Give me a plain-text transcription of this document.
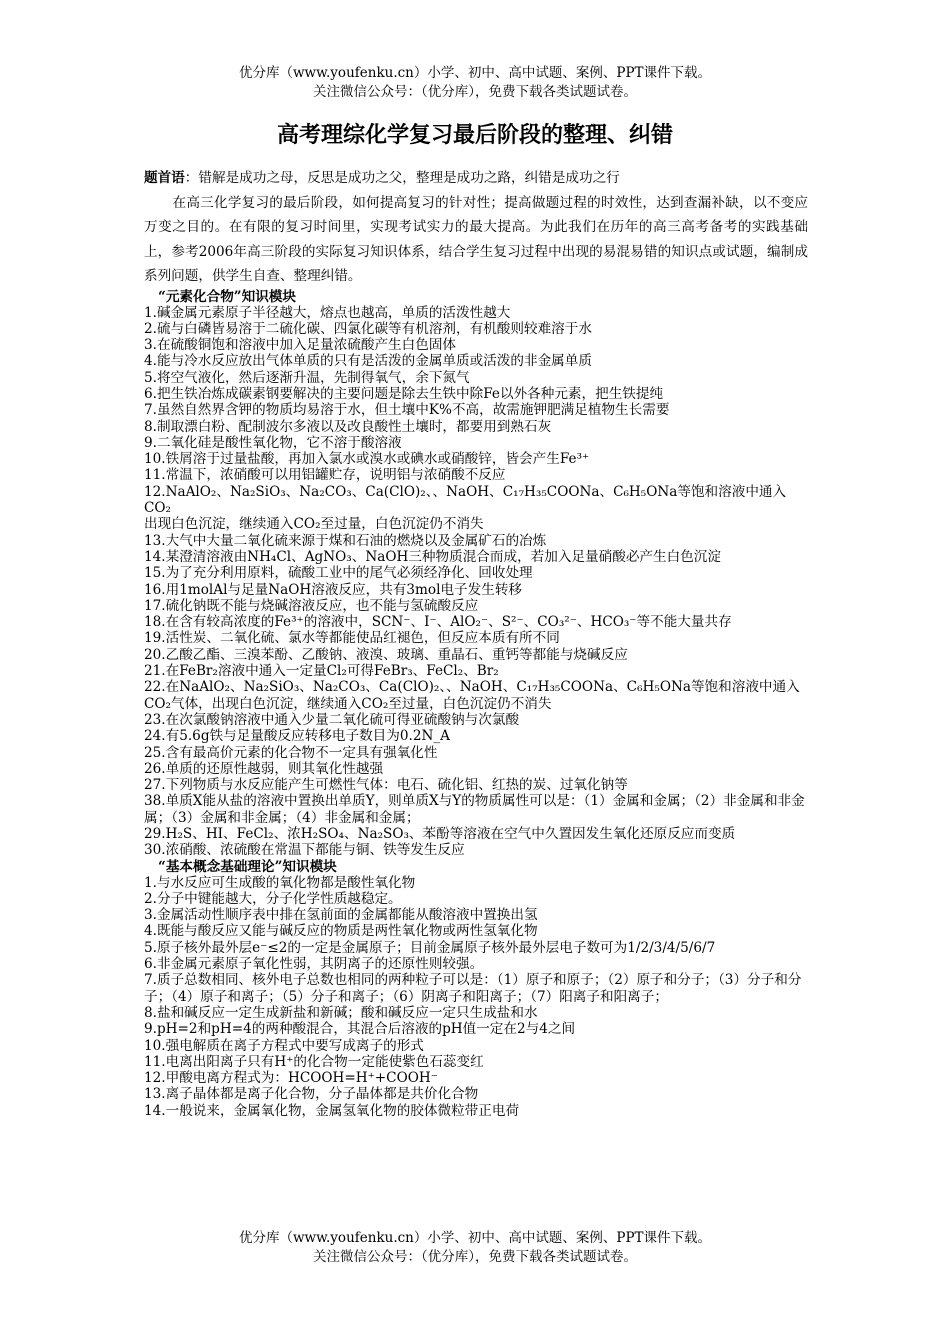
优分库（www.youfenku.cn）小学、初中、高中试题、案例、PPT课件下载。
关注微信公众号：（优分库），免费下载各类试题试卷。
高考理综化学复习最后阶段的整理、纠错

题首语：错解是成功之母，反思是成功之父，整理是成功之路，纠错是成功之行

在高三化学复习的最后阶段，如何提高复习的针对性；提高做题过程的时效性，达到查漏补缺，以不变应万变之目的。在有限的复习时间里，实现考试实力的最大提高。为此我们在历年的高三高考备考的实践基础上，参考2006年高三阶段的实际复习知识体系，结合学生复习过程中出现的易混易错的知识点或试题，编制成系列问题，供学生自查、整理纠错。

“元素化合物”知识模块
1.碱金属元素原子半径越大，熔点也越高，单质的活泼性越大
2.硫与白磷皆易溶于二硫化碳、四氯化碳等有机溶剂，有机酸则较难溶于水
3.在硫酸铜饱和溶液中加入足量浓硫酸产生白色固体
4.能与冷水反应放出气体单质的只有是活泼的金属单质或活泼的非金属单质
5.将空气液化，然后逐渐升温，先制得氧气，余下氮气
6.把生铁冶炼成碳素钢要解决的主要问题是除去生铁中除Fe以外各种元素，把生铁提纯
7.虽然自然界含钾的物质均易溶于水，但土壤中K%不高，故需施钾肥满足植物生长需要
8.制取漂白粉、配制波尔多液以及改良酸性土壤时，都要用到熟石灰
9.二氧化硅是酸性氧化物，它不溶于酸溶液
10.铁屑溶于过量盐酸，再加入氯水或溴水或碘水或硝酸锌，皆会产生Fe³⁺
11.常温下，浓硝酸可以用铝罐贮存，说明铝与浓硝酸不反应
12.NaAlO₂、Na₂SiO₃、Na₂CO₃、Ca(ClO)₂、、NaOH、C₁₇H₃₅COONa、C₆H₅ONa等饱和溶液中通入CO₂
出现白色沉淀，继续通入CO₂至过量，白色沉淀仍不消失
13.大气中大量二氧化硫来源于煤和石油的燃烧以及金属矿石的冶炼
14.某澄清溶液由NH₄Cl、AgNO₃、NaOH三种物质混合而成，若加入足量硝酸必产生白色沉淀
15.为了充分利用原料，硫酸工业中的尾气必须经净化、回收处理
16.用1molAl与足量NaOH溶液反应，共有3mol电子发生转移
17.硫化钠既不能与烧碱溶液反应，也不能与氢硫酸反应
18.在含有较高浓度的Fe³⁺的溶液中，SCN⁻、I⁻、AlO₂⁻、S²⁻、CO₃²⁻、HCO₃⁻等不能大量共存
19.活性炭、二氧化硫、氯水等都能使品红褪色，但反应本质有所不同
20.乙酸乙酯、三溴苯酚、乙酸钠、液溴、玻璃、重晶石、重钙等都能与烧碱反应
21.在FeBr₂溶液中通入一定量Cl₂可得FeBr₃、FeCl₂、Br₂
22.在NaAlO₂、Na₂SiO₃、Na₂CO₃、Ca(ClO)₂、、NaOH、C₁₇H₃₅COONa、C₆H₅ONa等饱和溶液中通入CO₂气体，出现白色沉淀，继续通入CO₂至过量，白色沉淀仍不消失
23.在次氯酸钠溶液中通入少量二氧化硫可得亚硫酸钠与次氯酸
24.有5.6g铁与足量酸反应转移电子数目为0.2N_A
25.含有最高价元素的化合物不一定具有强氧化性
26.单质的还原性越弱，则其氧化性越强
27.下列物质与水反应能产生可燃性气体：电石、硫化铝、红热的炭、过氧化钠等
38.单质X能从盐的溶液中置换出单质Y，则单质X与Y的物质属性可以是：（1）金属和金属；（2）非金属和非金属；（3）金属和非金属；（4）非金属和金属；
29.H₂S、HI、FeCl₂、浓H₂SO₄、Na₂SO₃、苯酚等溶液在空气中久置因发生氧化还原反应而变质
30.浓硝酸、浓硫酸在常温下都能与铜、铁等发生反应
“基本概念基础理论”知识模块
1.与水反应可生成酸的氧化物都是酸性氧化物
2.分子中键能越大，分子化学性质越稳定。
3.金属活动性顺序表中排在氢前面的金属都能从酸溶液中置换出氢
4.既能与酸反应又能与碱反应的物质是两性氧化物或两性氢氧化物
5.原子核外最外层e⁻≤2的一定是金属原子；目前金属原子核外最外层电子数可为1/2/3/4/5/6/7
6.非金属元素原子氧化性弱，其阴离子的还原性则较强。
7.质子总数相同、核外电子总数也相同的两种粒子可以是：（1）原子和原子；（2）原子和分子；（3）分子和分子；（4）原子和离子；（5）分子和离子；（6）阴离子和阳离子；（7）阳离子和阳离子；
8.盐和碱反应一定生成新盐和新碱；酸和碱反应一定只生成盐和水
9.pH=2和pH=4的两种酸混合，其混合后溶液的pH值一定在2与4之间
10.强电解质在离子方程式中要写成离子的形式
11.电离出阳离子只有H⁺的化合物一定能使紫色石蕊变红
12.甲酸电离方程式为：HCOOH=H⁺+COOH⁻
13.离子晶体都是离子化合物，分子晶体都是共价化合物
14.一般说来，金属氧化物，金属氢氧化物的胶体微粒带正电荷
优分库（www.youfenku.cn）小学、初中、高中试题、案例、PPT课件下载。
关注微信公众号：（优分库），免费下载各类试题试卷。
